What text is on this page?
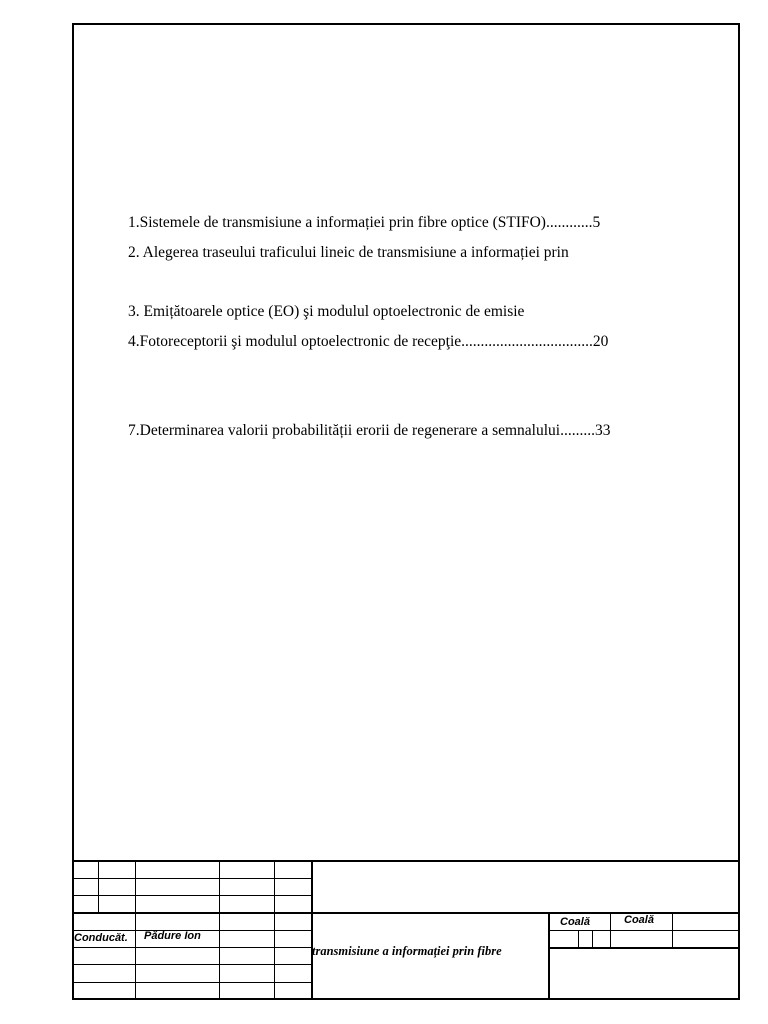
1.Sistemele de transmisiune a informației prin fibre optice (STIFO)............5
2. Alegerea traseului traficului lineic de transmisiune a informației prin
3. Emițătoarele optice (EO) şi modulul optoelectronic de emisie
4.Fotoreceptorii şi modulul optoelectronic de recepţie..................................20
7.Determinarea valorii probabilității erorii de regenerare a semnalului.........33
Conducăt. Pădure Ion
transmisiune a informației prin fibre
Coală	Coală
